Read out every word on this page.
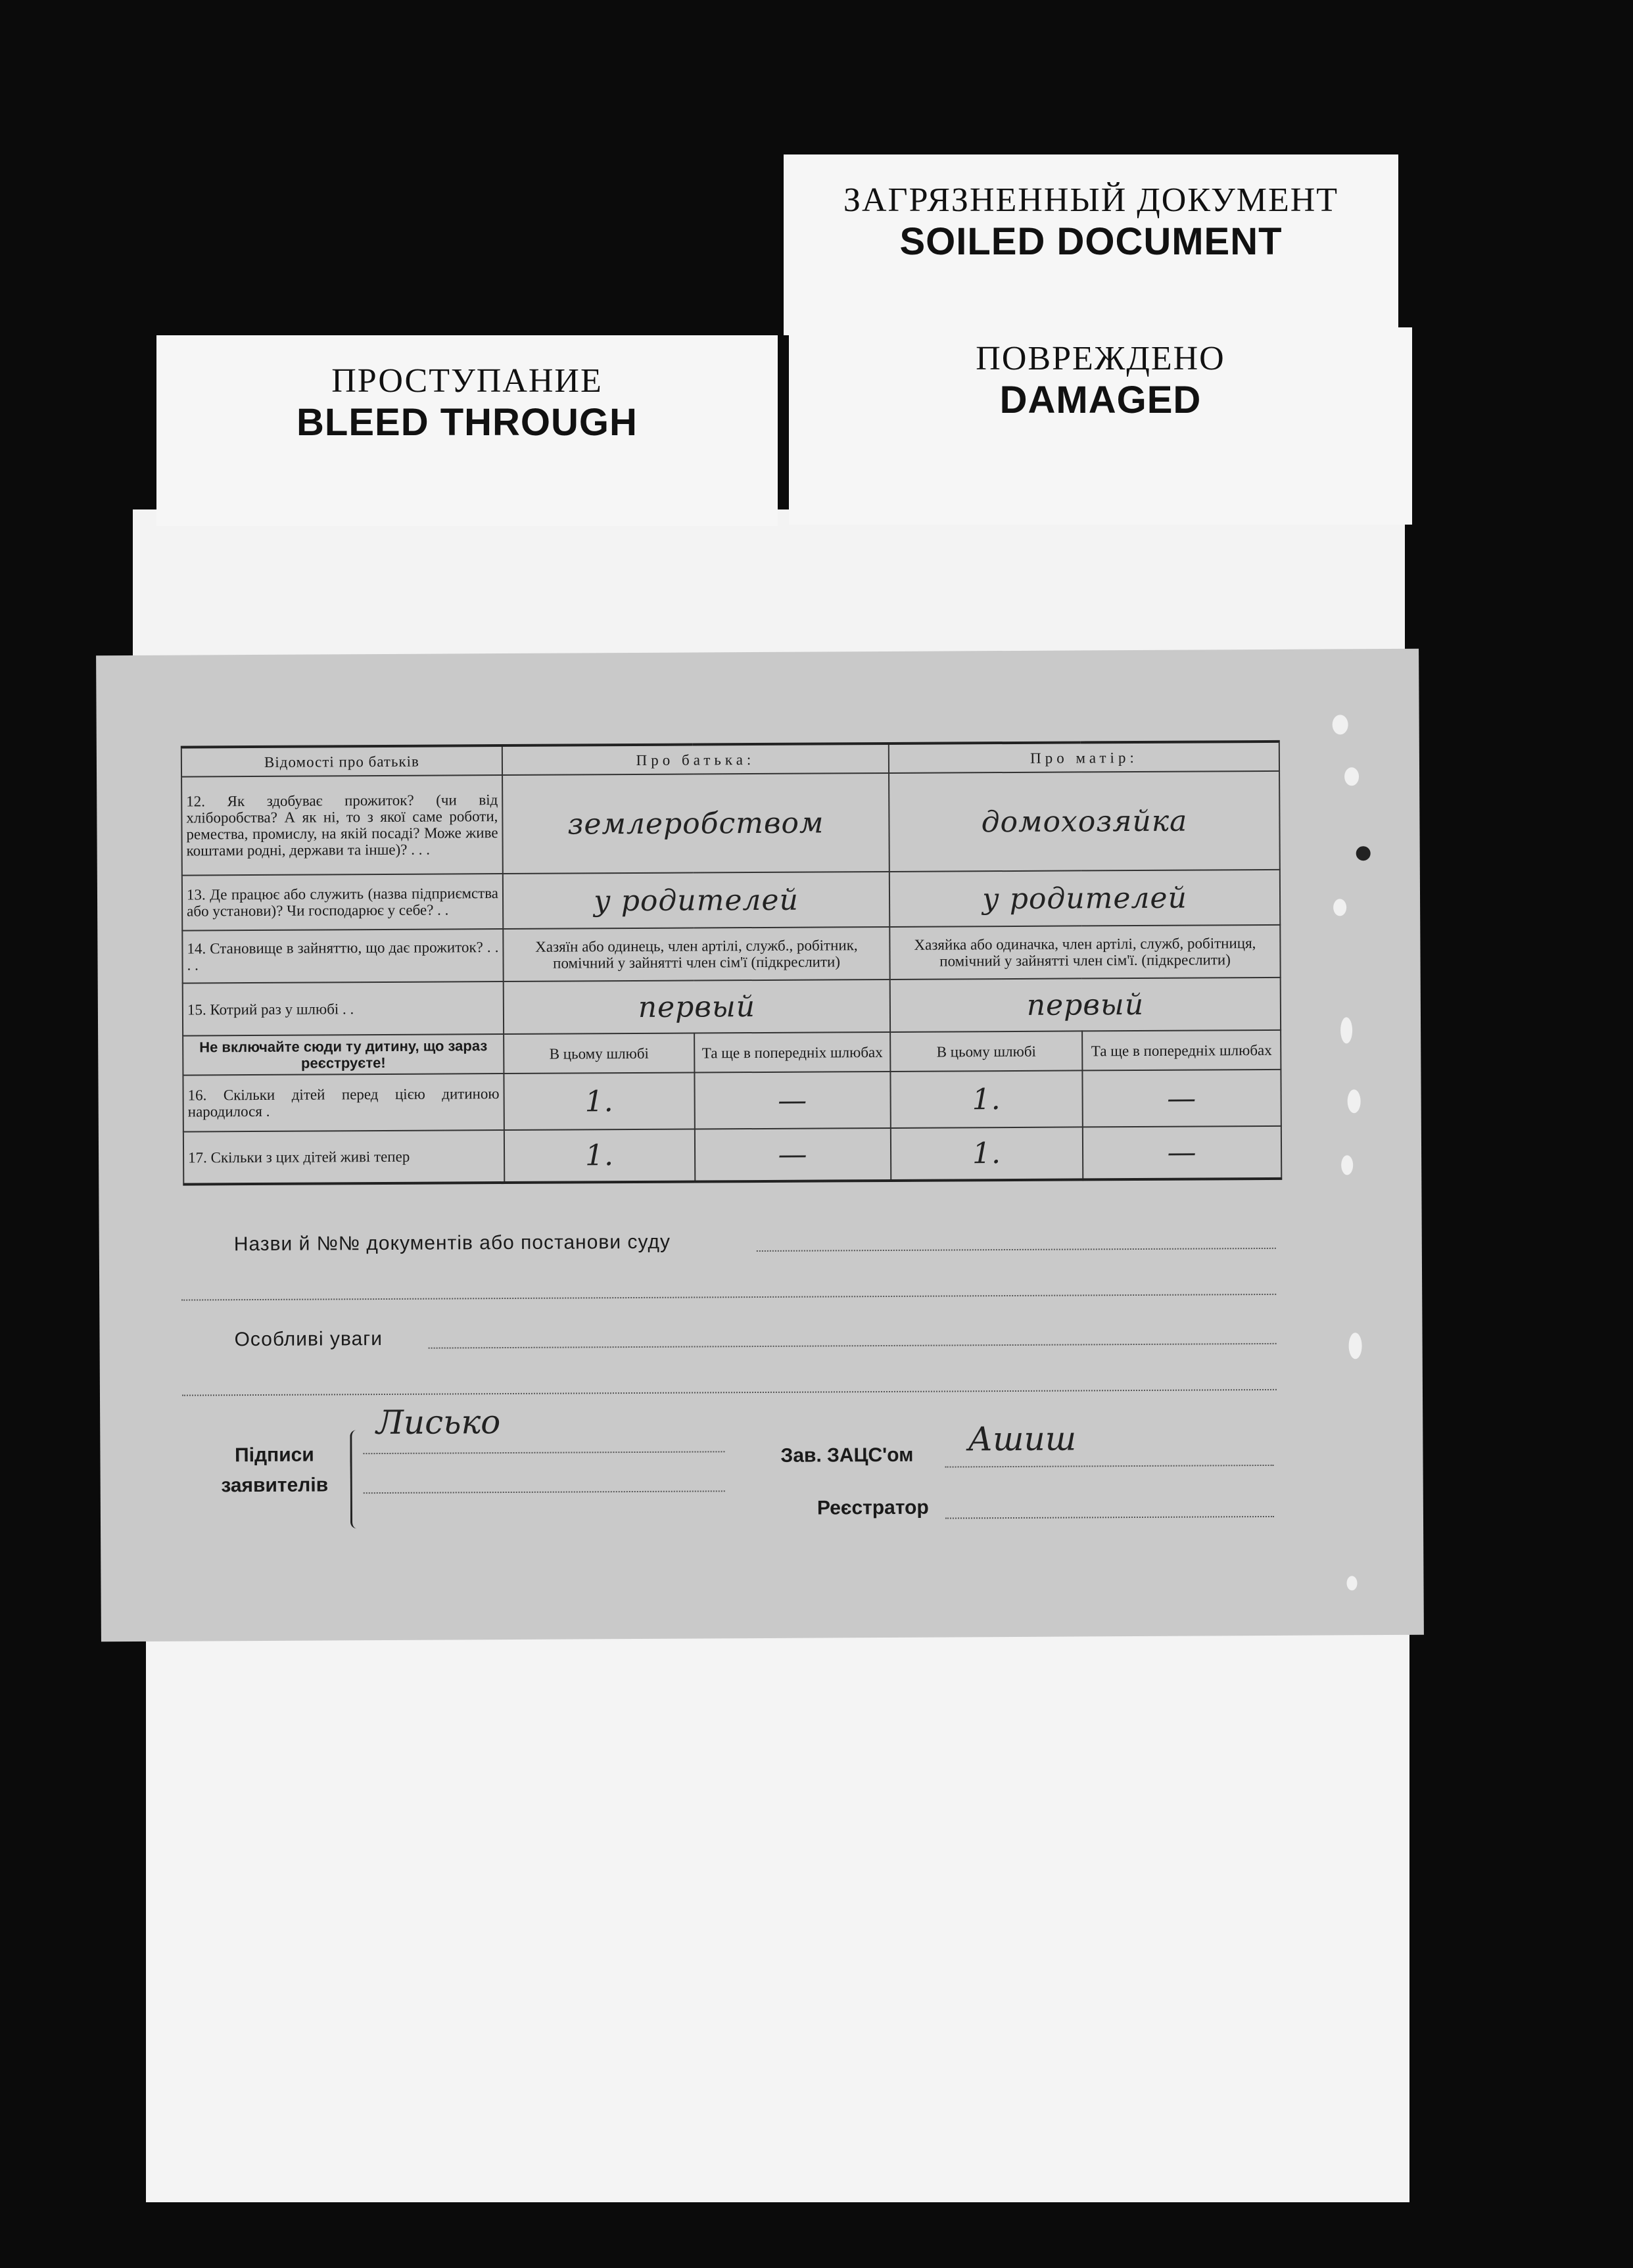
ЗАГРЯЗНЕННЫЙ ДОКУМЕНТ
SOILED DOCUMENT
ПОВРЕЖДЕНО
DAMAGED
ПРОСТУПАНИЕ
BLEED THROUGH
Відомості про батьків	Про батька:		Про матір:	
12. Як здобуває прожиток? (чи від хліборобства? А як ні, то з якої саме роботи, ремества, промислу, на якій посаді? Може живе коштами родні, держави та інше)? . . .	землеробством		домохозяйка	
13. Де працює або служить (назва підприємства або установи)? Чи господарює у себе? . .	у родителей		у родителей	
14. Становище в зайняттю, що дає прожиток? . . . .	Хазяїн або одинець, член артілі, служб., робітник, помічний у зайнятті член сім'ї (підкреслити)		Хазяйка або одиначка, член артілі, служб, робітниця, помічний у зайнятті член сім'ї. (підкреслити)	
15. Котрий раз у шлюбі . .	первый		первый	
Не включайте сюди ту дитину, що зараз реєструєте!	В цьому шлюбі	Та ще в попередніх шлюбах	В цьому шлюбі	Та ще в попередніх шлюбах
16. Скільки дітей перед цією дитиною народилося .	1.	—	1.	—
17. Скільки з цих дітей живі тепер	1.	—	1.	—
Назви й №№ документів або постанови суду
Особливі уваги
Підписи заявителів
Лисько
Зав. ЗАЦС'ом Ашиш
Реєстратор
